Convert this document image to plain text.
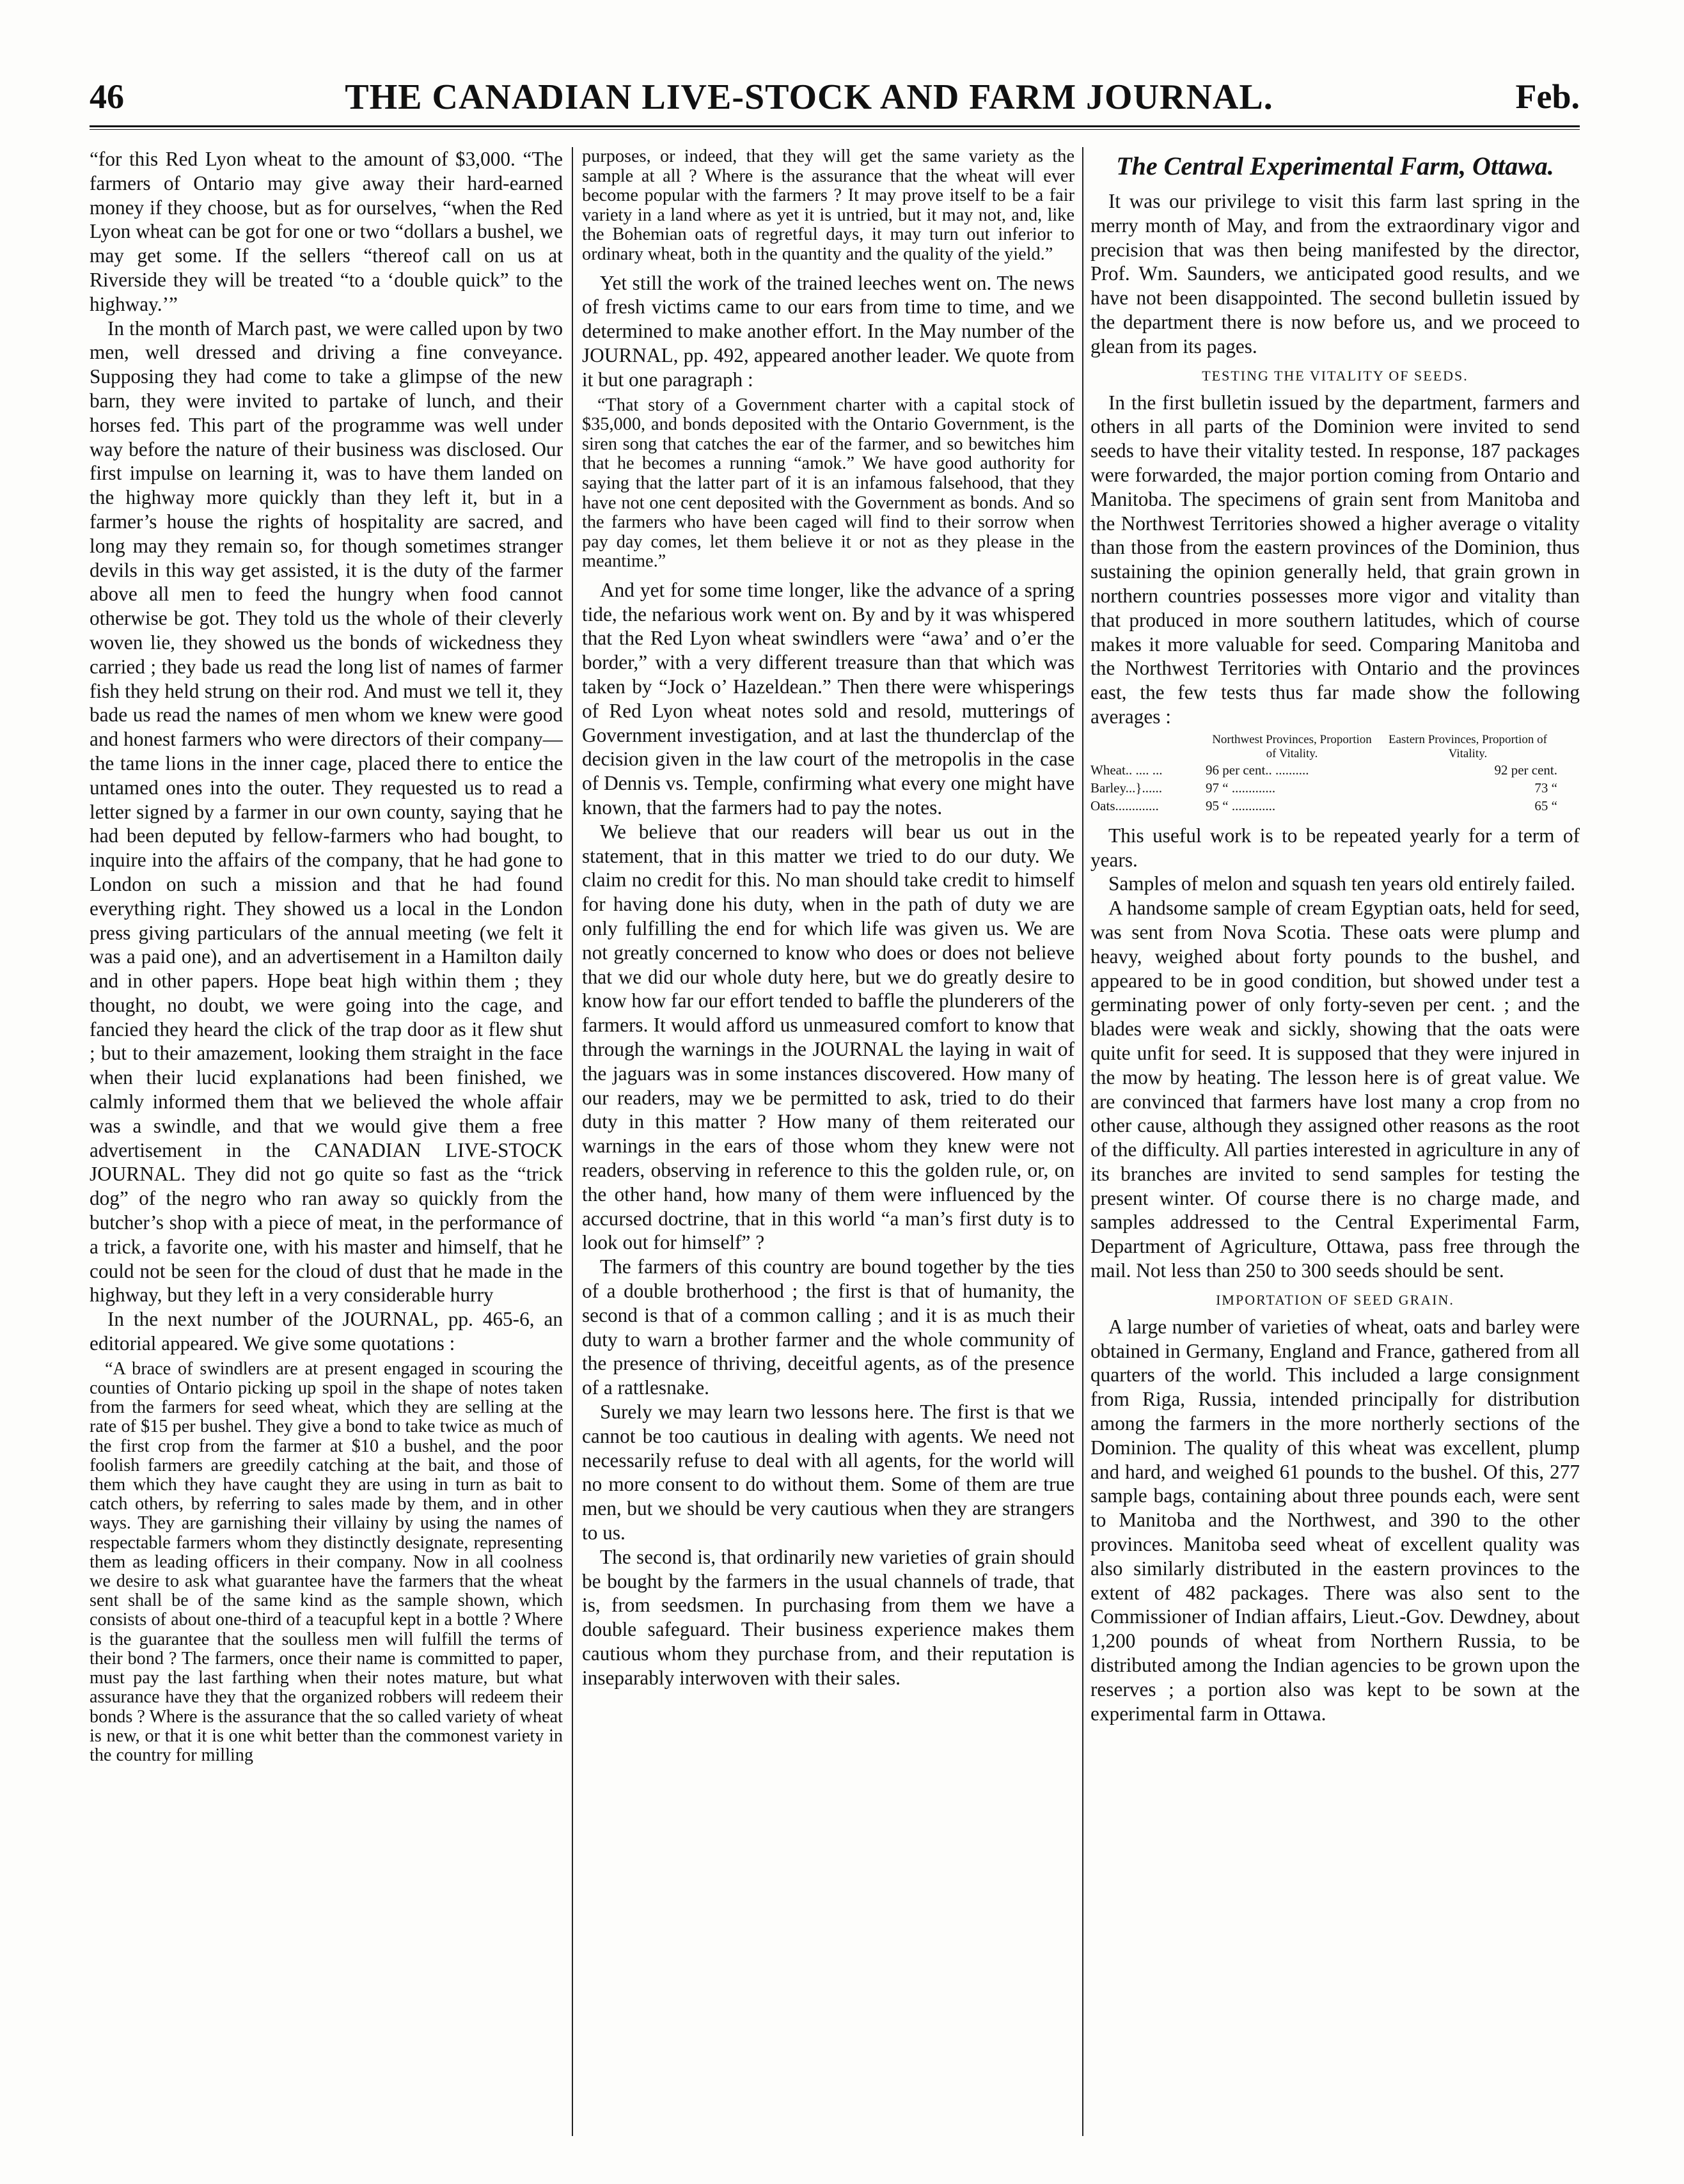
46	THE CANADIAN LIVE-STOCK AND FARM JOURNAL.	Feb.

“for this Red Lyon wheat to the amount of $3,000. “The farmers of Ontario may give away their hard-earned money if they choose, but as for ourselves, “when the Red Lyon wheat can be got for one or two “dollars a bushel, we may get some. If the sellers “thereof call on us at Riverside they will be treated “to a ‘double quick” to the highway.’”

In the month of March past, we were called upon by two men, well dressed and driving a fine conveyance. Supposing they had come to take a glimpse of the new barn, they were invited to partake of lunch, and their horses fed. This part of the programme was well under way before the nature of their business was disclosed. Our first impulse on learning it, was to have them landed on the highway more quickly than they left it, but in a farmer’s house the rights of hospitality are sacred, and long may they remain so, for though sometimes stranger devils in this way get assisted, it is the duty of the farmer above all men to feed the hungry when food cannot otherwise be got. They told us the whole of their cleverly woven lie, they showed us the bonds of wickedness they carried ; they bade us read the long list of names of farmer fish they held strung on their rod. And must we tell it, they bade us read the names of men whom we knew were good and honest farmers who were directors of their company—the tame lions in the inner cage, placed there to entice the untamed ones into the outer. They requested us to read a letter signed by a farmer in our own county, saying that he had been deputed by fellow-farmers who had bought, to inquire into the affairs of the company, that he had gone to London on such a mission and that he had found everything right. They showed us a local in the London press giving particulars of the annual meeting (we felt it was a paid one), and an advertisement in a Hamilton daily and in other papers. Hope beat high within them ; they thought, no doubt, we were going into the cage, and fancied they heard the click of the trap door as it flew shut ; but to their amazement, looking them straight in the face when their lucid explanations had been finished, we calmly informed them that we believed the whole affair was a swindle, and that we would give them a free advertisement in the CANADIAN LIVE-STOCK JOURNAL. They did not go quite so fast as the “trick dog” of the negro who ran away so quickly from the butcher’s shop with a piece of meat, in the performance of a trick, a favorite one, with his master and himself, that he could not be seen for the cloud of dust that he made in the highway, but they left in a very considerable hurry

In the next number of the JOURNAL, pp. 465-6, an editorial appeared. We give some quotations :

“A brace of swindlers are at present engaged in scouring the counties of Ontario picking up spoil in the shape of notes taken from the farmers for seed wheat, which they are selling at the rate of $15 per bushel. They give a bond to take twice as much of the first crop from the farmer at $10 a bushel, and the poor foolish farmers are greedily catching at the bait, and those of them which they have caught they are using in turn as bait to catch others, by referring to sales made by them, and in other ways. They are garnishing their villainy by using the names of respectable farmers whom they distinctly designate, representing them as leading officers in their company. Now in all coolness we desire to ask what guarantee have the farmers that the wheat sent shall be of the same kind as the sample shown, which consists of about one-third of a teacupful kept in a bottle ? Where is the guarantee that the soulless men will fulfill the terms of their bond ? The farmers, once their name is committed to paper, must pay the last farthing when their notes mature, but what assurance have they that the organized robbers will redeem their bonds ? Where is the assurance that the so called variety of wheat is new, or that it is one whit better than the commonest variety in the country for milling

purposes, or indeed, that they will get the same variety as the sample at all ? Where is the assurance that the wheat will ever become popular with the farmers ? It may prove itself to be a fair variety in a land where as yet it is untried, but it may not, and, like the Bohemian oats of regretful days, it may turn out inferior to ordinary wheat, both in the quantity and the quality of the yield.”

Yet still the work of the trained leeches went on. The news of fresh victims came to our ears from time to time, and we determined to make another effort. In the May number of the JOURNAL, pp. 492, appeared another leader. We quote from it but one paragraph :

“That story of a Government charter with a capital stock of $35,000, and bonds deposited with the Ontario Government, is the siren song that catches the ear of the farmer, and so bewitches him that he becomes a running “amok.” We have good authority for saying that the latter part of it is an infamous falsehood, that they have not one cent deposited with the Government as bonds. And so the farmers who have been caged will find to their sorrow when pay day comes, let them believe it or not as they please in the meantime.”

And yet for some time longer, like the advance of a spring tide, the nefarious work went on. By and by it was whispered that the Red Lyon wheat swindlers were “awa’ and o’er the border,” with a very different treasure than that which was taken by “Jock o’ Hazeldean.” Then there were whisperings of Red Lyon wheat notes sold and resold, mutterings of Government investigation, and at last the thunderclap of the decision given in the law court of the metropolis in the case of Dennis vs. Temple, confirming what every one might have known, that the farmers had to pay the notes.

We believe that our readers will bear us out in the statement, that in this matter we tried to do our duty. We claim no credit for this. No man should take credit to himself for having done his duty, when in the path of duty we are only fulfilling the end for which life was given us. We are not greatly concerned to know who does or does not believe that we did our whole duty here, but we do greatly desire to know how far our effort tended to baffle the plunderers of the farmers. It would afford us unmeasured comfort to know that through the warnings in the JOURNAL the laying in wait of the jaguars was in some instances discovered. How many of our readers, may we be permitted to ask, tried to do their duty in this matter ? How many of them reiterated our warnings in the ears of those whom they knew were not readers, observing in reference to this the golden rule, or, on the other hand, how many of them were influenced by the accursed doctrine, that in this world “a man’s first duty is to look out for himself” ?

The farmers of this country are bound together by the ties of a double brotherhood ; the first is that of humanity, the second is that of a common calling ; and it is as much their duty to warn a brother farmer and the whole community of the presence of thriving, deceitful agents, as of the presence of a rattlesnake.

Surely we may learn two lessons here. The first is that we cannot be too cautious in dealing with agents. We need not necessarily refuse to deal with all agents, for the world will no more consent to do without them. Some of them are true men, but we should be very cautious when they are strangers to us.

The second is, that ordinarily new varieties of grain should be bought by the farmers in the usual channels of trade, that is, from seedsmen. In purchasing from them we have a double safeguard. Their business experience makes them cautious whom they purchase from, and their reputation is inseparably interwoven with their sales.

The Central Experimental Farm, Ottawa.

It was our privilege to visit this farm last spring in the merry month of May, and from the extraordinary vigor and precision that was then being manifested by the director, Prof. Wm. Saunders, we anticipated good results, and we have not been disappointed. The second bulletin issued by the department there is now before us, and we proceed to glean from its pages.

TESTING THE VITALITY OF SEEDS.

In the first bulletin issued by the department, farmers and others in all parts of the Dominion were invited to send seeds to have their vitality tested. In response, 187 packages were forwarded, the major portion coming from Ontario and Manitoba. The specimens of grain sent from Manitoba and the Northwest Territories showed a higher average o vitality than those from the eastern provinces of the Dominion, thus sustaining the opinion generally held, that grain grown in northern countries possesses more vigor and vitality than that produced in more southern latitudes, which of course makes it more valuable for seed. Comparing Manitoba and the Northwest Territories with Ontario and the provinces east, the few tests thus far made show the following averages :

Northwest Provinces, Proportion of Vitality.
Eastern Provinces, Proportion of Vitality.
Wheat.. .... ...	96 per cent.. ..........	92 per cent.
Barley...}......	97 “ .............	73 “
Oats.............	95 “ .............	65 “

This useful work is to be repeated yearly for a term of years.

Samples of melon and squash ten years old entirely failed.

A handsome sample of cream Egyptian oats, held for seed, was sent from Nova Scotia. These oats were plump and heavy, weighed about forty pounds to the bushel, and appeared to be in good condition, but showed under test a germinating power of only forty-seven per cent. ; and the blades were weak and sickly, showing that the oats were quite unfit for seed. It is supposed that they were injured in the mow by heating. The lesson here is of great value. We are convinced that farmers have lost many a crop from no other cause, although they assigned other reasons as the root of the difficulty. All parties interested in agriculture in any of its branches are invited to send samples for testing the present winter. Of course there is no charge made, and samples addressed to the Central Experimental Farm, Department of Agriculture, Ottawa, pass free through the mail. Not less than 250 to 300 seeds should be sent.

IMPORTATION OF SEED GRAIN.

A large number of varieties of wheat, oats and barley were obtained in Germany, England and France, gathered from all quarters of the world. This included a large consignment from Riga, Russia, intended principally for distribution among the farmers in the more northerly sections of the Dominion. The quality of this wheat was excellent, plump and hard, and weighed 61 pounds to the bushel. Of this, 277 sample bags, containing about three pounds each, were sent to Manitoba and the Northwest, and 390 to the other provinces. Manitoba seed wheat of excellent quality was also similarly distributed in the eastern provinces to the extent of 482 packages. There was also sent to the Commissioner of Indian affairs, Lieut.-Gov. Dewdney, about 1,200 pounds of wheat from Northern Russia, to be distributed among the Indian agencies to be grown upon the reserves ; a portion also was kept to be sown at the experimental farm in Ottawa.
